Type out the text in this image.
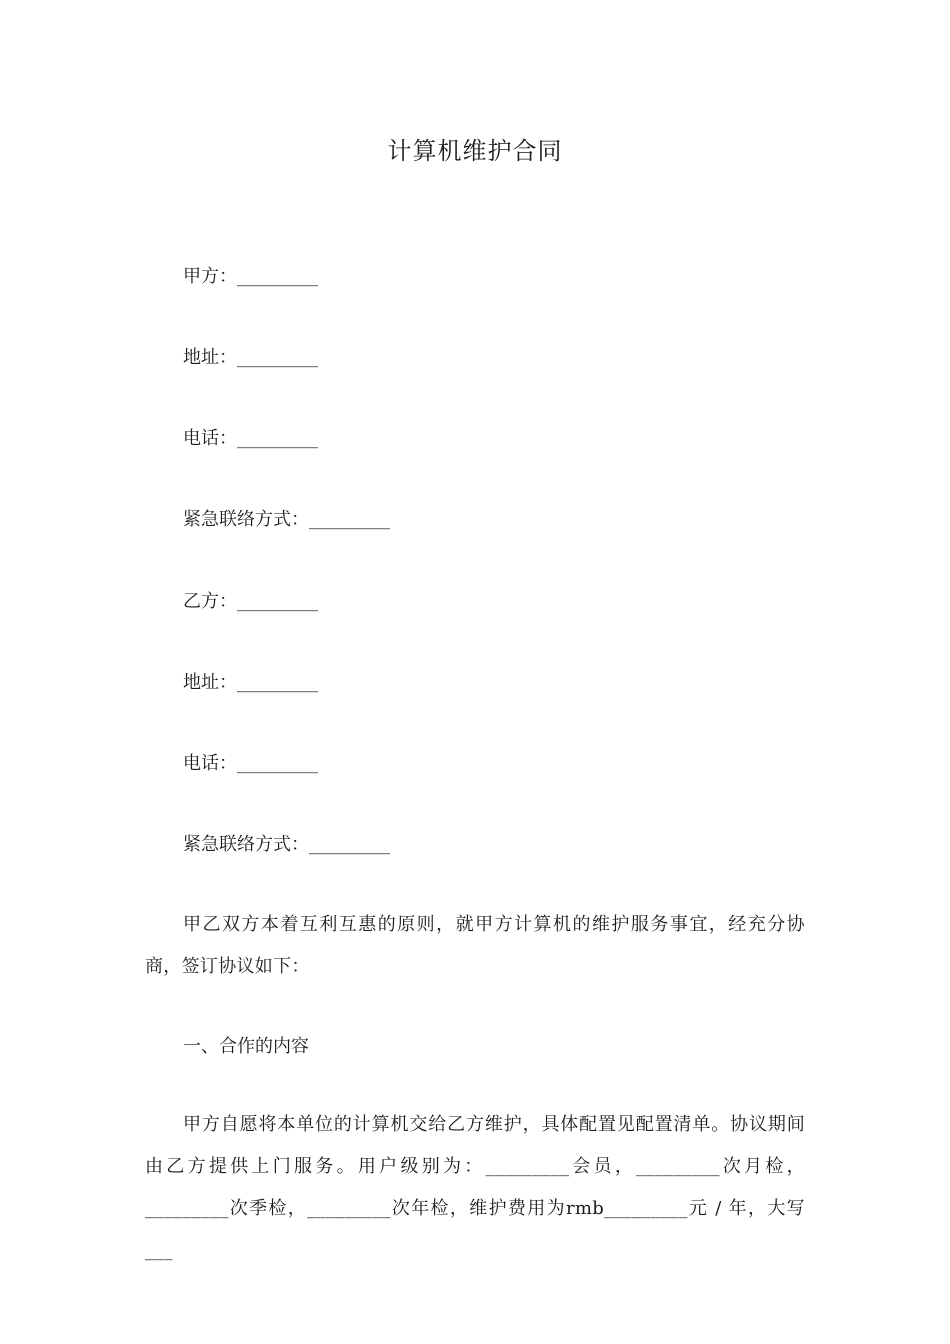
计算机维护合同
甲方：_________
地址：_________
电话：_________
紧急联络方式：_________
乙方：_________
地址：_________
电话：_________
紧急联络方式：_________
甲乙双方本着互利互惠的原则，就甲方计算机的维护服务事宜，经充分协商，签订协议如下：
一、合作的内容
甲方自愿将本单位的计算机交给乙方维护，具体配置见配置清单。协议期间由乙方提供上门服务。用户级别为：_________会员，_________次月检，_________次季检，_________次年检，维护费用为rmb_________元 / 年，大写___
